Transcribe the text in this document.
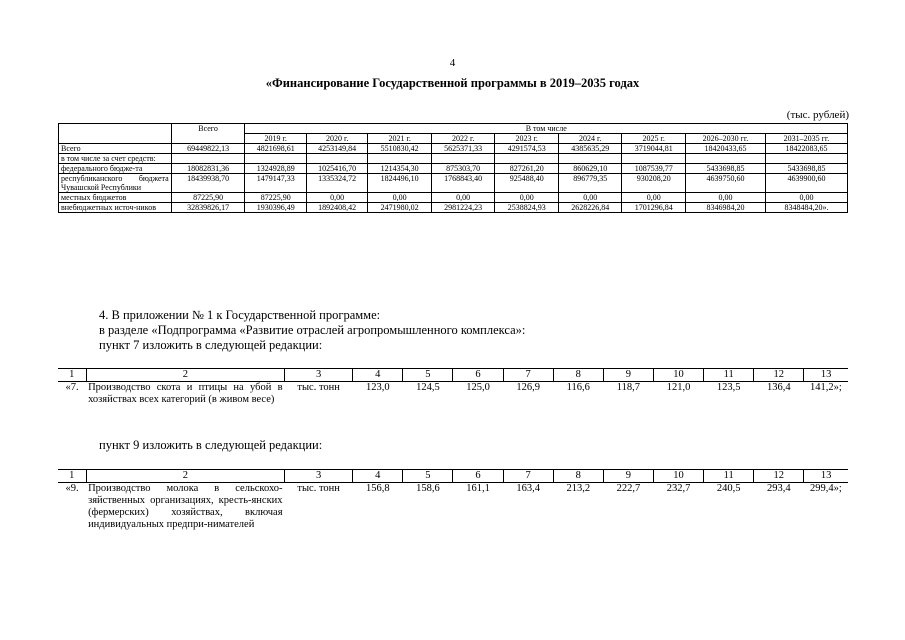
4
«Финансирование Государственной программы в 2019–2035 годах
(тыс. рублей)
	Всего	В том числе								
		2019 г.	2020 г.	2021 г.	2022 г.	2023 г.	2024 г.	2025 г.	2026–2030 гг.	2031–2035 гг.
Всего	69449822,13	4821698,61	4253149,84	5510830,42	5625371,33	4291574,53	4385635,29	3719044,81	18420433,65	18422083,65
в том числе за счет средств:										
федерального бюдже-та	18082831,36	1324928,89	1025416,70	1214354,30	875303,70	827261,20	860629,10	1087539,77	5433698,85	5433698,85
республиканского бюджета Чувашской Республики	18439938,70	1479147,33	1335324,72	1824496,10	1768843,40	925488,40	896779,35	930208,20	4639750,60	4639900,60
местных бюджетов	87225,90	87225,90	0,00	0,00	0,00	0,00	0,00	0,00	0,00	0,00
внебюджетных источ-ников	32839826,17	1930396,49	1892408,42	2471980,02	2981224,23	2538824,93	2628226,84	1701296,84	8346984,20	8348484,20».
4. В приложении № 1 к Государственной программе:
в разделе «Подпрограмма «Развитие отраслей агропромышленного комплекса»:
пункт 7 изложить в следующей редакции:
1	2	3	4	5	6	7	8	9	10	11	12	13
«7.	Производство скота и птицы на убой в хозяйствах всех категорий (в живом весе)	тыс. тонн	123,0	124,5	125,0	126,9	116,6	118,7	121,0	123,5	136,4	141,2»;
пункт 9 изложить в следующей редакции:
1	2	3	4	5	6	7	8	9	10	11	12	13
«9.	Производство молока в сельскохо-зяйственных организациях, кресть-янских (фермерских) хозяйствах, включая индивидуальных предпри-нимателей	тыс. тонн	156,8	158,6	161,1	163,4	213,2	222,7	232,7	240,5	293,4	299,4»;
